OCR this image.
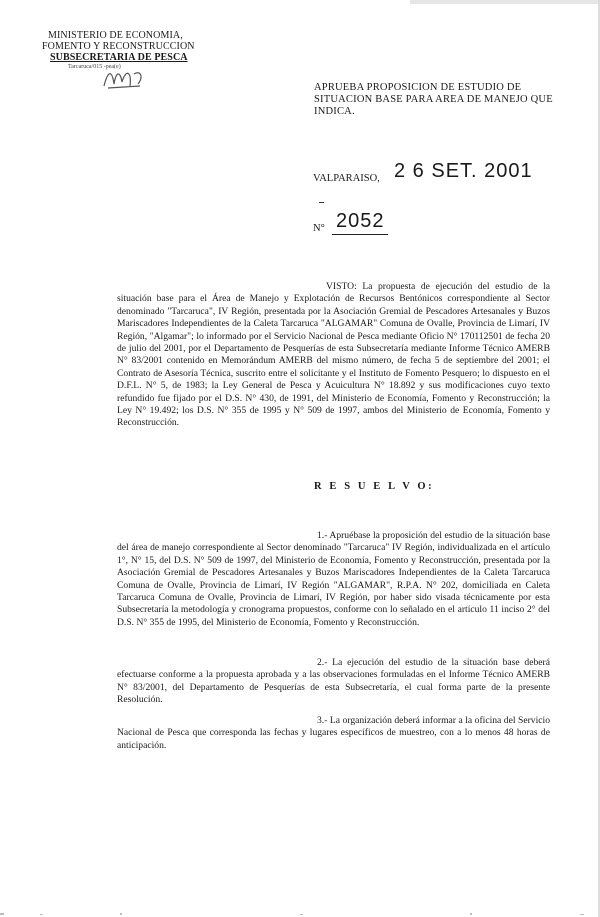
MINISTERIO DE ECONOMIA,
FOMENTO Y RECONSTRUCCION
SUBSECRETARIA DE PESCA
Tarcaruca/015 -pea(e)
APRUEBA PROPOSICION DE ESTUDIO DE SITUACION BASE PARA AREA DE MANEJO QUE INDICA.
VALPARAISO, 2 6 SET. 2001
N° 2052
VISTO: La propuesta de ejecución del estudio de la situación base para el Área de Manejo y Explotación de Recursos Bentónicos correspondiente al Sector denominado "Tarcaruca", IV Región, presentada por la Asociación Gremial de Pescadores Artesanales y Buzos Mariscadores Independientes de la Caleta Tarcaruca "ALGAMAR" Comuna de Ovalle, Provincia de Limarí, IV Región, "Algamar"; lo informado por el Servicio Nacional de Pesca mediante Oficio N° 170112501 de fecha 20 de julio del 2001, por el Departamento de Pesquerías de esta Subsecretaría mediante Informe Técnico AMERB N° 83/2001 contenido en Memorándum AMERB del mismo número, de fecha 5 de septiembre del 2001; el Contrato de Asesoría Técnica, suscrito entre el solicitante y el Instituto de Fomento Pesquero; lo dispuesto en el D.F.L. N° 5, de 1983; la Ley General de Pesca y Acuicultura N° 18.892 y sus modificaciones cuyo texto refundido fue fijado por el D.S. N° 430, de 1991, del Ministerio de Economía, Fomento y Reconstrucción; la Ley N° 19.492; los D.S. N° 355 de 1995 y N° 509 de 1997, ambos del Ministerio de Economía, Fomento y Reconstrucción.
R E S U E L V O:
1.- Apruébase la proposición del estudio de la situación base del área de manejo correspondiente al Sector denominado "Tarcaruca" IV Región, individualizada en el artículo 1°, N° 15, del D.S. N° 509 de 1997, del Ministerio de Economía, Fomento y Reconstrucción, presentada por la Asociación Gremial de Pescadores Artesanales y Buzos Mariscadores Independientes de la Caleta Tarcaruca Comuna de Ovalle, Provincia de Limarí, IV Región "ALGAMAR", R.P.A. N° 202, domiciliada en Caleta Tarcaruca Comuna de Ovalle, Provincia de Limarí, IV Región, por haber sido visada técnicamente por esta Subsecretaría la metodología y cronograma propuestos, conforme con lo señalado en el artículo 11 inciso 2° del D.S. N° 355 de 1995, del Ministerio de Economía, Fomento y Reconstrucción.
2.- La ejecución del estudio de la situación base deberá efectuarse conforme a la propuesta aprobada y a las observaciones formuladas en el Informe Técnico AMERB N° 83/2001, del Departamento de Pesquerías de esta Subsecretaría, el cual forma parte de la presente Resolución.
3.- La organización deberá informar a la oficina del Servicio Nacional de Pesca que corresponda las fechas y lugares específicos de muestreo, con a lo menos 48 horas de anticipación.
